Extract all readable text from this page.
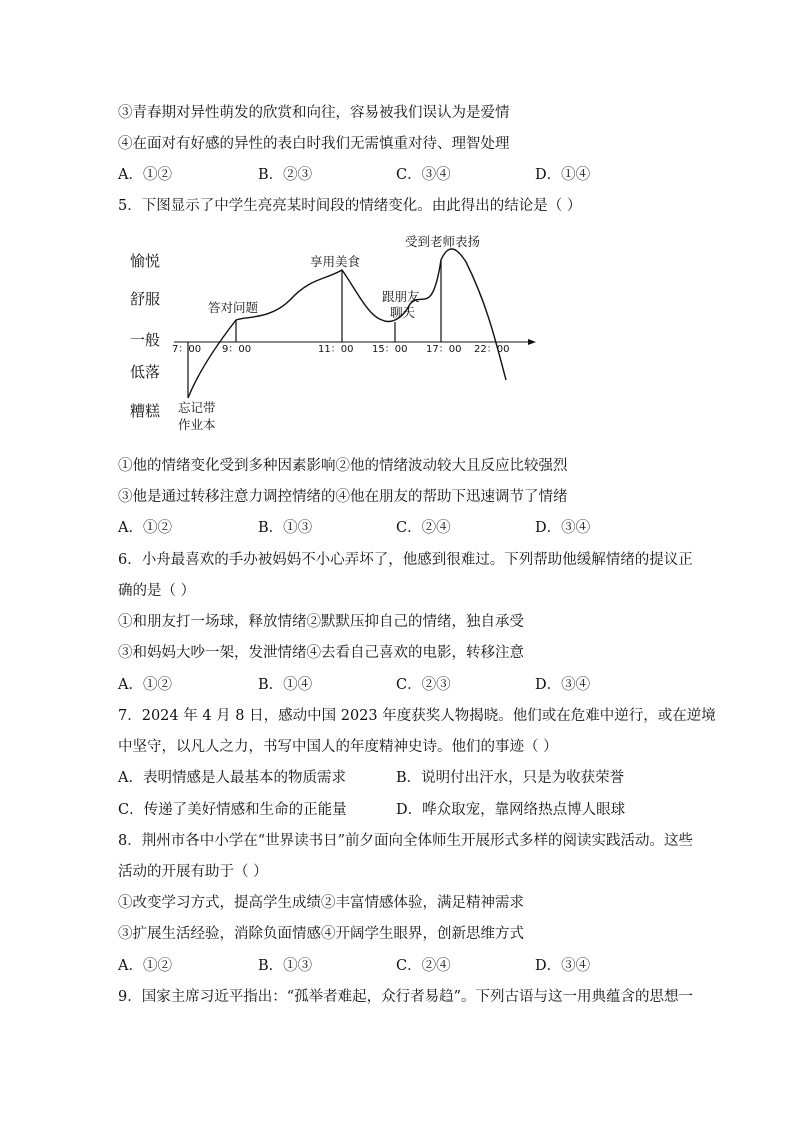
③青春期对异性萌发的欣赏和向往，容易被我们误认为是爱情
④在面对有好感的异性的表白时我们无需慎重对待、理智处理
A．①②	B．②③	C．③④	D．①④
5．下图显示了中学生亮亮某时间段的情绪变化。由此得出的结论是（ ）
愉悦
舒服
一般
低落
糟糕
7：00 9：00	11：00 15：00 17：00 22：00
忘记带
作业本
答对问题
享用美食
跟朋友
聊天
受到老师表扬
①他的情绪变化受到多种因素影响②他的情绪波动较大且反应比较强烈
③他是通过转移注意力调控情绪的④他在朋友的帮助下迅速调节了情绪
A．①②	B．①③	C．②④	D．③④
6．小舟最喜欢的手办被妈妈不小心弄坏了，他感到很难过。下列帮助他缓解情绪的提议正
确的是（ ）
①和朋友打一场球，释放情绪②默默压抑自己的情绪，独自承受
③和妈妈大吵一架，发泄情绪④去看自己喜欢的电影，转移注意
A．①②	B．①④	C．②③	D．③④
7．2024 年 4 月 8 日，感动中国 2023 年度获奖人物揭晓。他们或在危难中逆行，或在逆境
中坚守，以凡人之力，书写中国人的年度精神史诗。他们的事迹（ ）
A．表明情感是人最基本的物质需求	B．说明付出汗水，只是为收获荣誉
C．传递了美好情感和生命的正能量	D．哗众取宠，靠网络热点博人眼球
8．荆州市各中小学在“世界读书日”前夕面向全体师生开展形式多样的阅读实践活动。这些
活动的开展有助于（ ）
①改变学习方式，提高学生成绩②丰富情感体验，满足精神需求
③扩展生活经验，消除负面情感④开阔学生眼界，创新思维方式
A．①②	B．①③	C．②④	D．③④
9．国家主席习近平指出：“孤举者难起，众行者易趋”。下列古语与这一用典蕴含的思想一
